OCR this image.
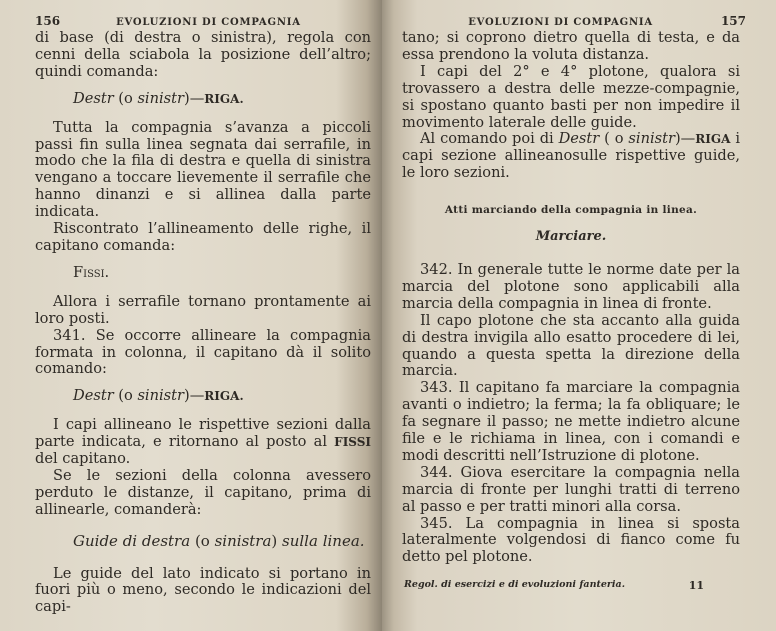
156	EVOLUZIONI DI COMPAGNIA

di base (di destra o sinistra), regola con cenni della sciabola la posizione dell’altro; quindi comanda:

Destr (o sinistr)—RIGA.

Tutta la compagnia s’avanza a piccoli passi fin sulla linea segnata dai serrafile, in modo che la fila di destra e quella di sinistra vengano a toccare lievemente il serrafile che hanno dinanzi e si allinea dalla parte indicata.

Riscontrato l’allineamento delle righe, il capitano comanda:

Fissi.

Allora i serrafile tornano prontamente ai loro posti.

341. Se occorre allineare la compagnia formata in colonna, il capitano dà il solito comando:

Destr (o sinistr)—RIGA.

I capi allineano le rispettive sezioni dalla parte indicata, e ritornano al posto al FISSI del capitano.

Se le sezioni della colonna avessero perduto le distanze, il capitano, prima di allinearle, comanderà:

Guide di destra (o sinistra) sulla linea.

Le guide del lato indicato si portano in fuori più o meno, secondo le indicazioni del capi-

EVOLUZIONI DI COMPAGNIA	157

tano; si coprono dietro quella di testa, e da essa prendono la voluta distanza.

I capi del 2° e 4° plotone, qualora si trovassero a destra delle mezze-compagnie, si spostano quanto basti per non impedire il movimento laterale delle guide.

Al comando poi di Destr ( o sinistr)—RIGA i capi sezione allineanosulle rispettive guide, le loro sezioni.

Atti marciando della compagnia in linea.
Marciare.

342. In generale tutte le norme date per la marcia del plotone sono applicabili alla marcia della compagnia in linea di fronte.

Il capo plotone che sta accanto alla guida di destra invigila allo esatto procedere di lei, quando a questa spetta la direzione della marcia.

343. Il capitano fa marciare la compagnia avanti o indietro; la ferma; la fa obliquare; le fa segnare il passo; ne mette indietro alcune file e le richiama in linea, con i comandi e modi descritti nell’Istruzione di plotone.

344. Giova esercitare la compagnia nella marcia di fronte per lunghi tratti di terreno al passo e per tratti minori alla corsa.

345. La compagnia in linea si sposta lateralmente volgendosi di fianco come fu detto pel plotone.

Regol. di esercizi e di evoluzioni fanteria.	11
